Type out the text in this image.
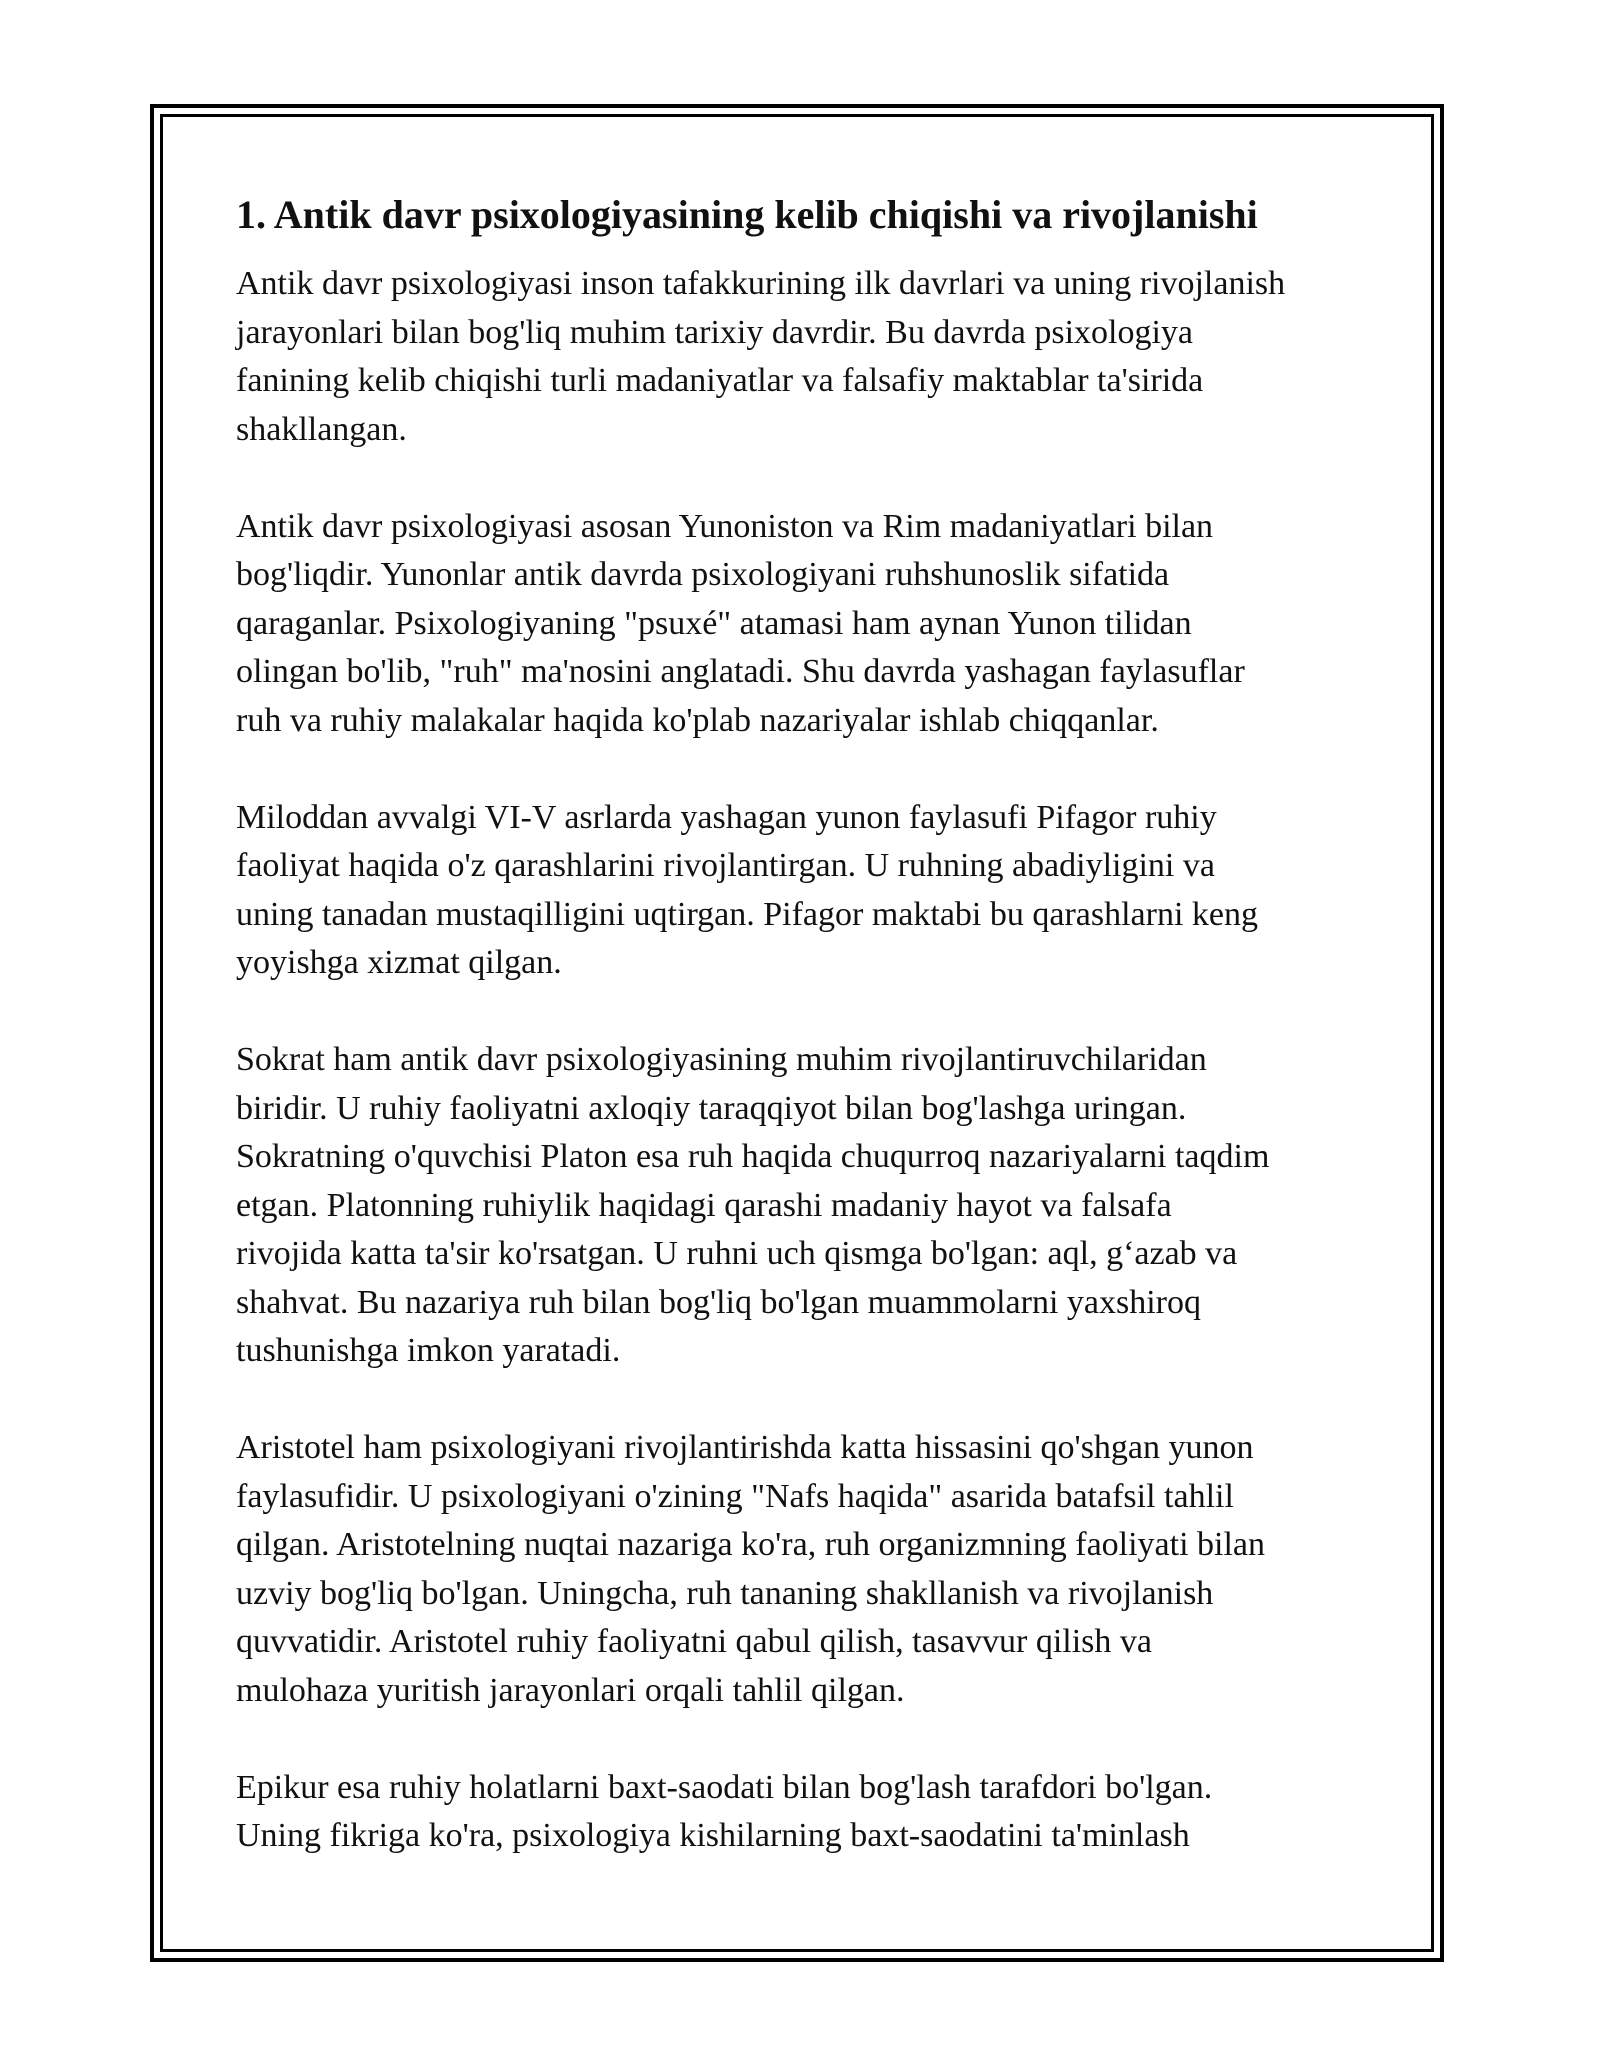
1. Antik davr psixologiyasining kelib chiqishi va rivojlanishi

Antik davr psixologiyasi inson tafakkurining ilk davrlari va uning rivojlanish
jarayonlari bilan bog'liq muhim tarixiy davrdir. Bu davrda psixologiya
fanining kelib chiqishi turli madaniyatlar va falsafiy maktablar ta'sirida
shakllangan.

Antik davr psixologiyasi asosan Yunoniston va Rim madaniyatlari bilan
bog'liqdir. Yunonlar antik davrda psixologiyani ruhshunoslik sifatida
qaraganlar. Psixologiyaning "psuxé" atamasi ham aynan Yunon tilidan
olingan bo'lib, "ruh" ma'nosini anglatadi. Shu davrda yashagan faylasuflar
ruh va ruhiy malakalar haqida ko'plab nazariyalar ishlab chiqqanlar.

Miloddan avvalgi VI-V asrlarda yashagan yunon faylasufi Pifagor ruhiy
faoliyat haqida o'z qarashlarini rivojlantirgan. U ruhning abadiyligini va
uning tanadan mustaqilligini uqtirgan. Pifagor maktabi bu qarashlarni keng
yoyishga xizmat qilgan.

Sokrat ham antik davr psixologiyasining muhim rivojlantiruvchilaridan
biridir. U ruhiy faoliyatni axloqiy taraqqiyot bilan bog'lashga uringan.
Sokratning o'quvchisi Platon esa ruh haqida chuqurroq nazariyalarni taqdim
etgan. Platonning ruhiylik haqidagi qarashi madaniy hayot va falsafa
rivojida katta ta'sir ko'rsatgan. U ruhni uch qismga bo'lgan: aql, g‘azab va
shahvat. Bu nazariya ruh bilan bog'liq bo'lgan muammolarni yaxshiroq
tushunishga imkon yaratadi.

Aristotel ham psixologiyani rivojlantirishda katta hissasini qo'shgan yunon
faylasufidir. U psixologiyani o'zining "Nafs haqida" asarida batafsil tahlil
qilgan. Aristotelning nuqtai nazariga ko'ra, ruh organizmning faoliyati bilan
uzviy bog'liq bo'lgan. Uningcha, ruh tananing shakllanish va rivojlanish
quvvatidir. Aristotel ruhiy faoliyatni qabul qilish, tasavvur qilish va
mulohaza yuritish jarayonlari orqali tahlil qilgan.

Epikur esa ruhiy holatlarni baxt-saodati bilan bog'lash tarafdori bo'lgan.
Uning fikriga ko'ra, psixologiya kishilarning baxt-saodatini ta'minlash
